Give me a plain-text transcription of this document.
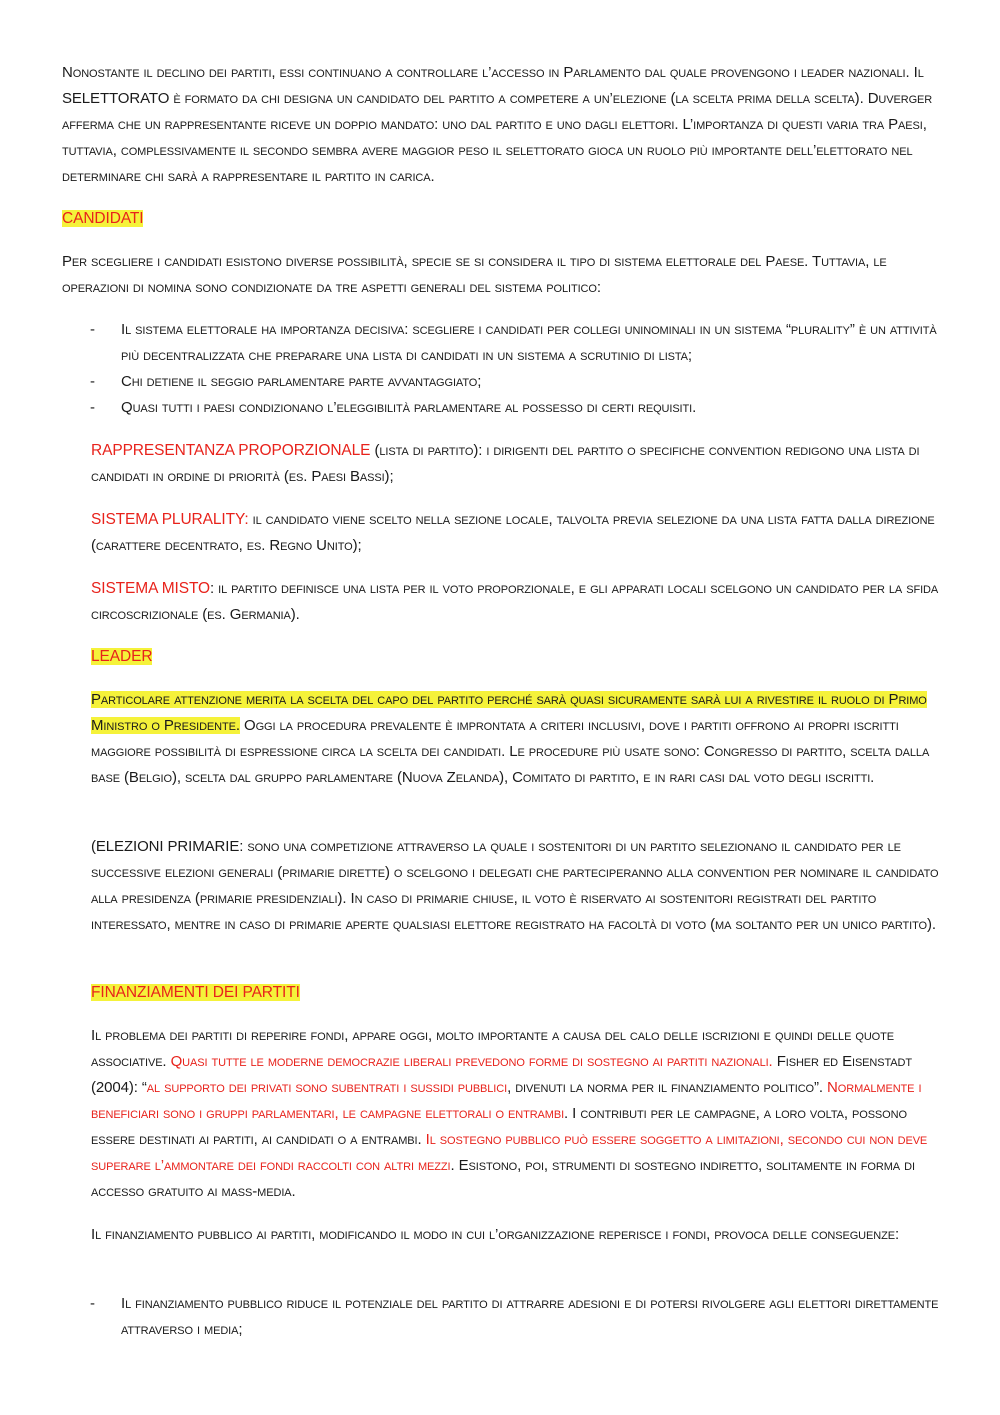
Nonostante il declino dei partiti, essi continuano a controllare l’accesso in Parlamento dal quale provengono i leader nazionali. Il SELETTORATO è formato da chi designa un candidato del partito a competere a un’elezione (la scelta prima della scelta). Duverger afferma che un rappresentante riceve un doppio mandato: uno dal partito e uno dagli elettori. L’importanza di questi varia tra Paesi, tuttavia, complessivamente il secondo sembra avere maggior peso il selettorato gioca un ruolo più importante dell’elettorato nel determinare chi sarà a rappresentare il partito in carica.

CANDIDATI

Per scegliere i candidati esistono diverse possibilità, specie se si considera il tipo di sistema elettorale del Paese. Tuttavia, le operazioni di nomina sono condizionate da tre aspetti generali del sistema politico:

- Il sistema elettorale ha importanza decisiva: scegliere i candidati per collegi uninominali in un sistema “plurality” è un attività più decentralizzata che preparare una lista di candidati in un sistema a scrutinio di lista;

- Chi detiene il seggio parlamentare parte avvantaggiato;

- Quasi tutti i paesi condizionano l’eleggibilità parlamentare al possesso di certi requisiti.

RAPPRESENTANZA PROPORZIONALE (lista di partito): i dirigenti del partito o specifiche convention redigono una lista di candidati in ordine di priorità (es. Paesi Bassi);

SISTEMA PLURALITY: il candidato viene scelto nella sezione locale, talvolta previa selezione da una lista fatta dalla direzione (carattere decentrato, es. Regno Unito);

SISTEMA MISTO: il partito definisce una lista per il voto proporzionale, e gli apparati locali scelgono un candidato per la sfida circoscrizionale (es. Germania).

LEADER

Particolare attenzione merita la scelta del capo del partito perché sarà quasi sicuramente sarà lui a rivestire il ruolo di Primo Ministro o Presidente. Oggi la procedura prevalente è improntata a criteri inclusivi, dove i partiti offrono ai propri iscritti maggiore possibilità di espressione circa la scelta dei candidati. Le procedure più usate sono: Congresso di partito, scelta dalla base (Belgio), scelta dal gruppo parlamentare (Nuova Zelanda), Comitato di partito, e in rari casi dal voto degli iscritti.

(ELEZIONI PRIMARIE: sono una competizione attraverso la quale i sostenitori di un partito selezionano il candidato per le successive elezioni generali (primarie dirette) o scelgono i delegati che parteciperanno alla convention per nominare il candidato alla presidenza (primarie presidenziali). In caso di primarie chiuse, il voto è riservato ai sostenitori registrati del partito interessato, mentre in caso di primarie aperte qualsiasi elettore registrato ha facoltà di voto (ma soltanto per un unico partito).

FINANZIAMENTI DEI PARTITI

Il problema dei partiti di reperire fondi, appare oggi, molto importante a causa del calo delle iscrizioni e quindi delle quote associative. Quasi tutte le moderne democrazie liberali prevedono forme di sostegno ai partiti nazionali. Fisher ed Eisenstadt (2004): “al supporto dei privati sono subentrati i sussidi pubblici, divenuti la norma per il finanziamento politico”. Normalmente i beneficiari sono i gruppi parlamentari, le campagne elettorali o entrambi. I contributi per le campagne, a loro volta, possono essere destinati ai partiti, ai candidati o a entrambi. Il sostegno pubblico può essere soggetto a limitazioni, secondo cui non deve superare l’ammontare dei fondi raccolti con altri mezzi. Esistono, poi, strumenti di sostegno indiretto, solitamente in forma di accesso gratuito ai mass-media.

Il finanziamento pubblico ai partiti, modificando il modo in cui l’organizzazione reperisce i fondi, provoca delle conseguenze:

- Il finanziamento pubblico riduce il potenziale del partito di attrarre adesioni e di potersi rivolgere agli elettori direttamente attraverso i media;
